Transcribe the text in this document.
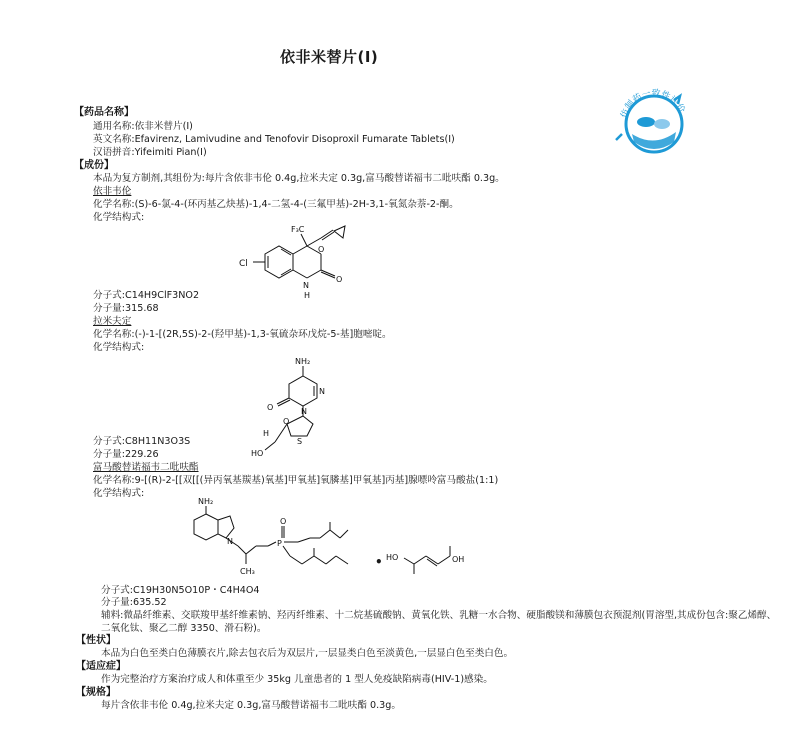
依非米替片(Ⅰ)
仿制药一致性评价
【药品名称】
通用名称:依非米替片(Ⅰ)
英文名称:Efavirenz, Lamivudine and Tenofovir Disoproxil Fumarate Tablets(Ⅰ)
汉语拼音:Yifeimiti Pian(Ⅰ)
【成份】
本品为复方制剂,其组份为:每片含依非韦伦 0.4g,拉米夫定 0.3g,富马酸替诺福韦二吡呋酯 0.3g。
依非韦伦
化学名称:(S)-6-氯-4-(环丙基乙炔基)-1,4-二氢-4-(三氟甲基)-2H-3,1-氧氮杂萘-2-酮。
化学结构式:
Cl
F₃C
O
N
H
O
分子式:C14H9ClF3NO2
分子量:315.68
拉米夫定
化学名称:(-)-1-[(2R,5S)-2-(羟甲基)-1,3-氧硫杂环戊烷-5-基]胞嘧啶。
化学结构式:
NH₂
N
N
O
O
S
H
HO
分子式:C8H11N3O3S
分子量:229.26
富马酸替诺福韦二吡呋酯
化学名称:9-[(R)-2-[[双[[(异丙氧基羰基)氧基]甲氧基]氧膦基]甲氧基]丙基]腺嘌呤富马酸盐(1:1)
化学结构式:
NH₂
N	P
O
CH₃
• HO	OH
分子式:C19H30N5O10P・C4H4O4
分子量:635.52
辅料:微晶纤维素、交联羧甲基纤维素钠、羟丙纤维素、十二烷基硫酸钠、黄氧化铁、乳糖一水合物、硬脂酸镁和薄膜包衣预混剂(胃溶型,其成份包含:聚乙烯醇、二氧化钛、聚乙二醇 3350、滑石粉)。
【性状】
本品为白色至类白色薄膜衣片,除去包衣后为双层片,一层显类白色至淡黄色,一层显白色至类白色。
【适应症】
作为完整治疗方案治疗成人和体重至少 35kg 儿童患者的 1 型人免疫缺陷病毒(HIV-1)感染。
【规格】
每片含依非韦伦 0.4g,拉米夫定 0.3g,富马酸替诺福韦二吡呋酯 0.3g。
